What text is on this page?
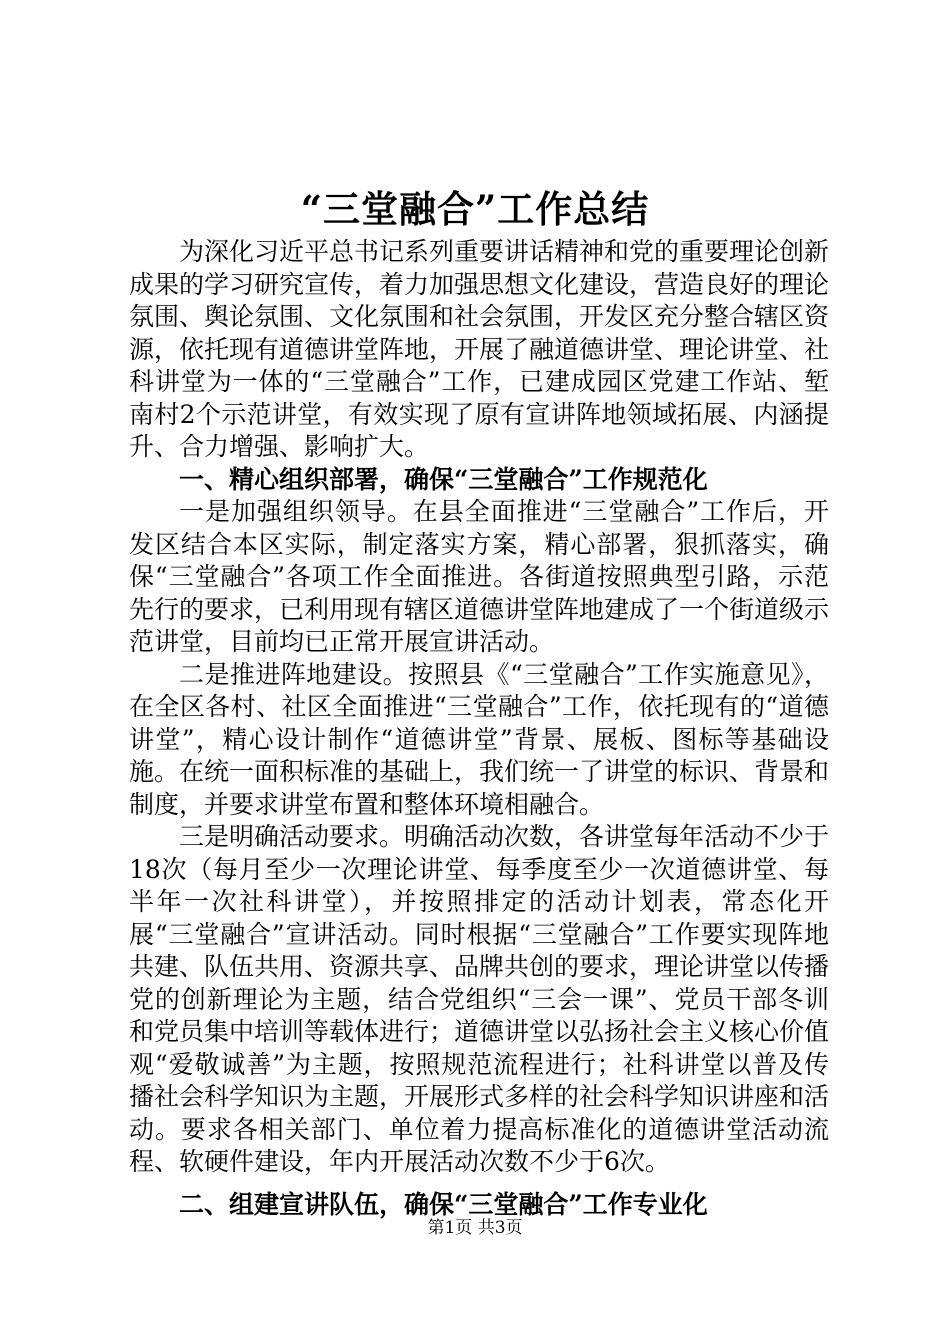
“三堂融合”工作总结

为深化习近平总书记系列重要讲话精神和党的重要理论创新成果的学习研究宣传，着力加强思想文化建设，营造良好的理论氛围、舆论氛围、文化氛围和社会氛围，开发区充分整合辖区资源，依托现有道德讲堂阵地，开展了融道德讲堂、理论讲堂、社科讲堂为一体的“三堂融合”工作，已建成园区党建工作站、堑南村2个示范讲堂，有效实现了原有宣讲阵地领域拓展、内涵提升、合力增强、影响扩大。

一、精心组织部署，确保“三堂融合”工作规范化

一是加强组织领导。在县全面推进“三堂融合”工作后，开发区结合本区实际，制定落实方案，精心部署，狠抓落实，确保“三堂融合”各项工作全面推进。各街道按照典型引路，示范先行的要求，已利用现有辖区道德讲堂阵地建成了一个街道级示范讲堂，目前均已正常开展宣讲活动。

二是推进阵地建设。按照县《“三堂融合”工作实施意见》，在全区各村、社区全面推进“三堂融合”工作，依托现有的“道德讲堂”，精心设计制作“道德讲堂”背景、展板、图标等基础设施。在统一面积标准的基础上，我们统一了讲堂的标识、背景和制度，并要求讲堂布置和整体环境相融合。

三是明确活动要求。明确活动次数，各讲堂每年活动不少于18次（每月至少一次理论讲堂、每季度至少一次道德讲堂、每半年一次社科讲堂），并按照排定的活动计划表，常态化开展“三堂融合”宣讲活动。同时根据“三堂融合”工作要实现阵地共建、队伍共用、资源共享、品牌共创的要求，理论讲堂以传播党的创新理论为主题，结合党组织“三会一课”、党员干部冬训和党员集中培训等载体进行；道德讲堂以弘扬社会主义核心价值观“爱敬诚善”为主题，按照规范流程进行；社科讲堂以普及传播社会科学知识为主题，开展形式多样的社会科学知识讲座和活动。要求各相关部门、单位着力提高标准化的道德讲堂活动流程、软硬件建设，年内开展活动次数不少于6次。

二、组建宣讲队伍，确保“三堂融合”工作专业化

第1页 共3页
